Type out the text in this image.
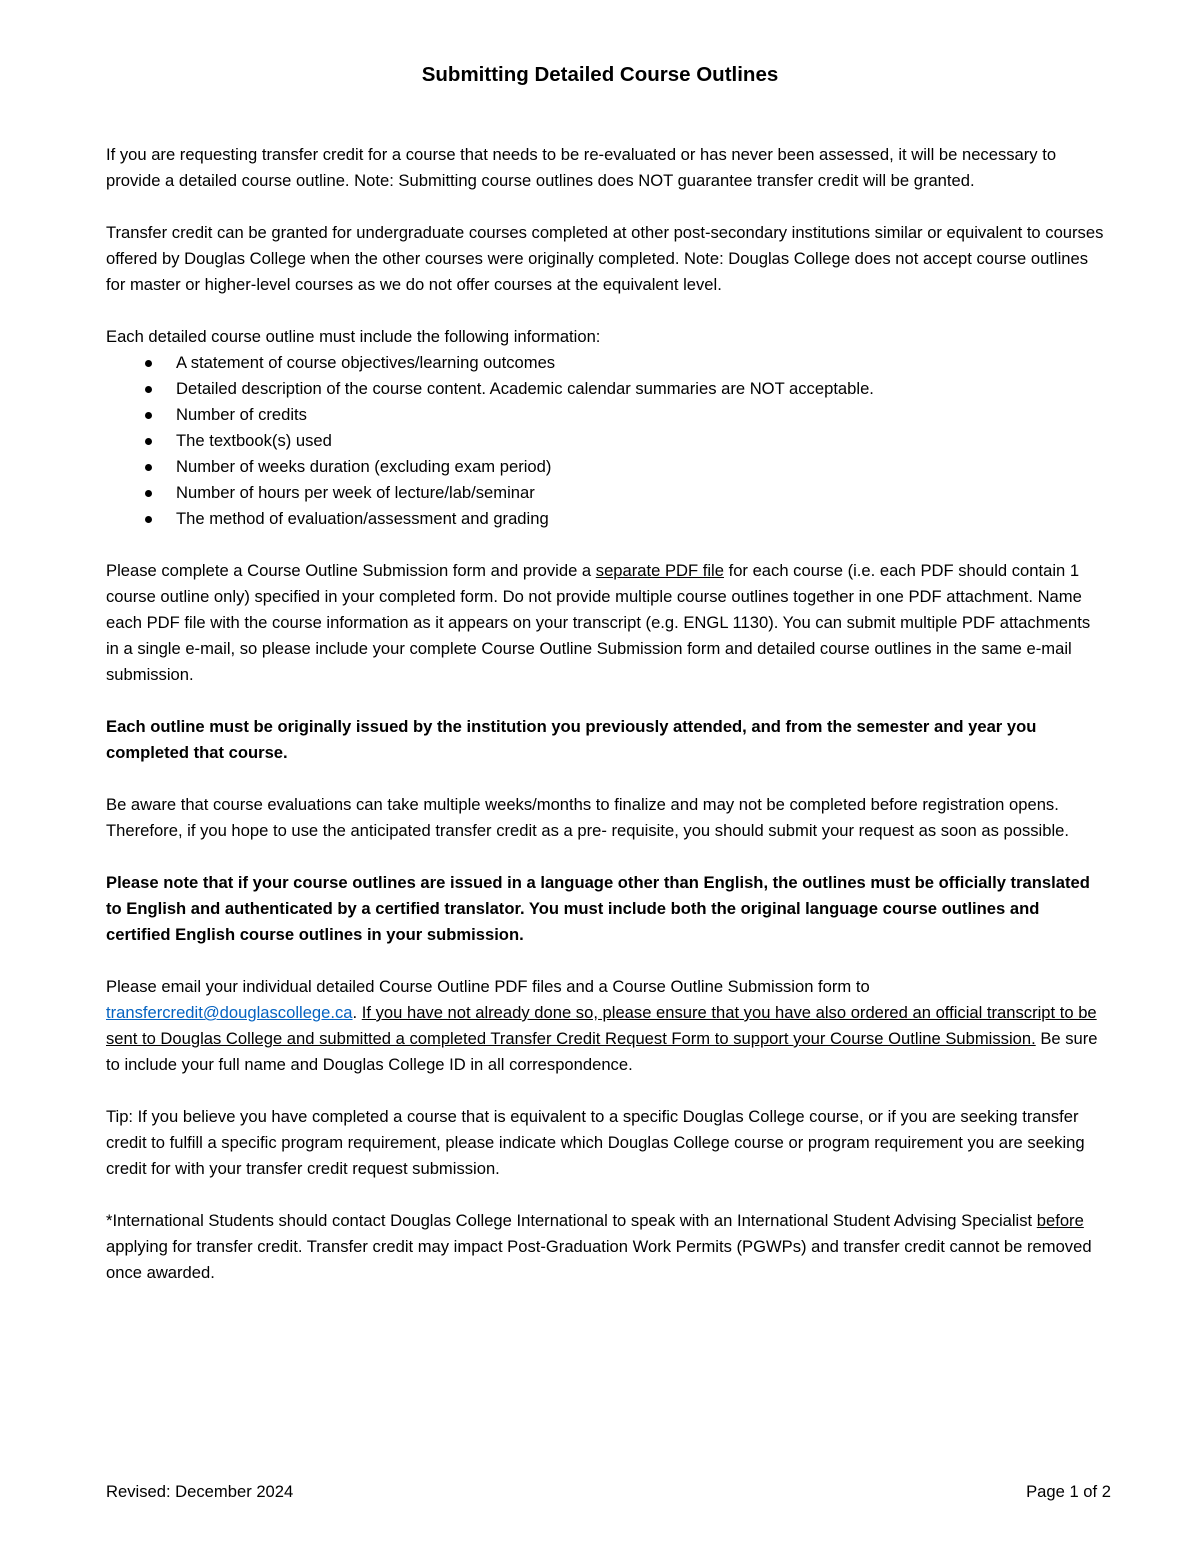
Submitting Detailed Course Outlines

If you are requesting transfer credit for a course that needs to be re-evaluated or has never been assessed, it will be necessary to provide a detailed course outline. Note: Submitting course outlines does NOT guarantee transfer credit will be granted.

Transfer credit can be granted for undergraduate courses completed at other post-secondary institutions similar or equivalent to courses offered by Douglas College when the other courses were originally completed. Note: Douglas College does not accept course outlines for master or higher-level courses as we do not offer courses at the equivalent level.

Each detailed course outline must include the following information:
A statement of course objectives/learning outcomes
Detailed description of the course content. Academic calendar summaries are NOT acceptable.
Number of credits
The textbook(s) used
Number of weeks duration (excluding exam period)
Number of hours per week of lecture/lab/seminar
The method of evaluation/assessment and grading

Please complete a Course Outline Submission form and provide a separate PDF file for each course (i.e. each PDF should contain 1 course outline only) specified in your completed form. Do not provide multiple course outlines together in one PDF attachment. Name each PDF file with the course information as it appears on your transcript (e.g. ENGL 1130). You can submit multiple PDF attachments in a single e-mail, so please include your complete Course Outline Submission form and detailed course outlines in the same e-mail submission.

Each outline must be originally issued by the institution you previously attended, and from the semester and year you completed that course.

Be aware that course evaluations can take multiple weeks/months to finalize and may not be completed before registration opens. Therefore, if you hope to use the anticipated transfer credit as a pre- requisite, you should submit your request as soon as possible.

Please note that if your course outlines are issued in a language other than English, the outlines must be officially translated to English and authenticated by a certified translator. You must include both the original language course outlines and certified English course outlines in your submission.

Please email your individual detailed Course Outline PDF files and a Course Outline Submission form to transfercredit@douglascollege.ca. If you have not already done so, please ensure that you have also ordered an official transcript to be sent to Douglas College and submitted a completed Transfer Credit Request Form to support your Course Outline Submission. Be sure to include your full name and Douglas College ID in all correspondence.

Tip: If you believe you have completed a course that is equivalent to a specific Douglas College course, or if you are seeking transfer credit to fulfill a specific program requirement, please indicate which Douglas College course or program requirement you are seeking credit for with your transfer credit request submission.

*International Students should contact Douglas College International to speak with an International Student Advising Specialist before applying for transfer credit. Transfer credit may impact Post-Graduation Work Permits (PGWPs) and transfer credit cannot be removed once awarded.

Revised: December 2024	Page 1 of 2
